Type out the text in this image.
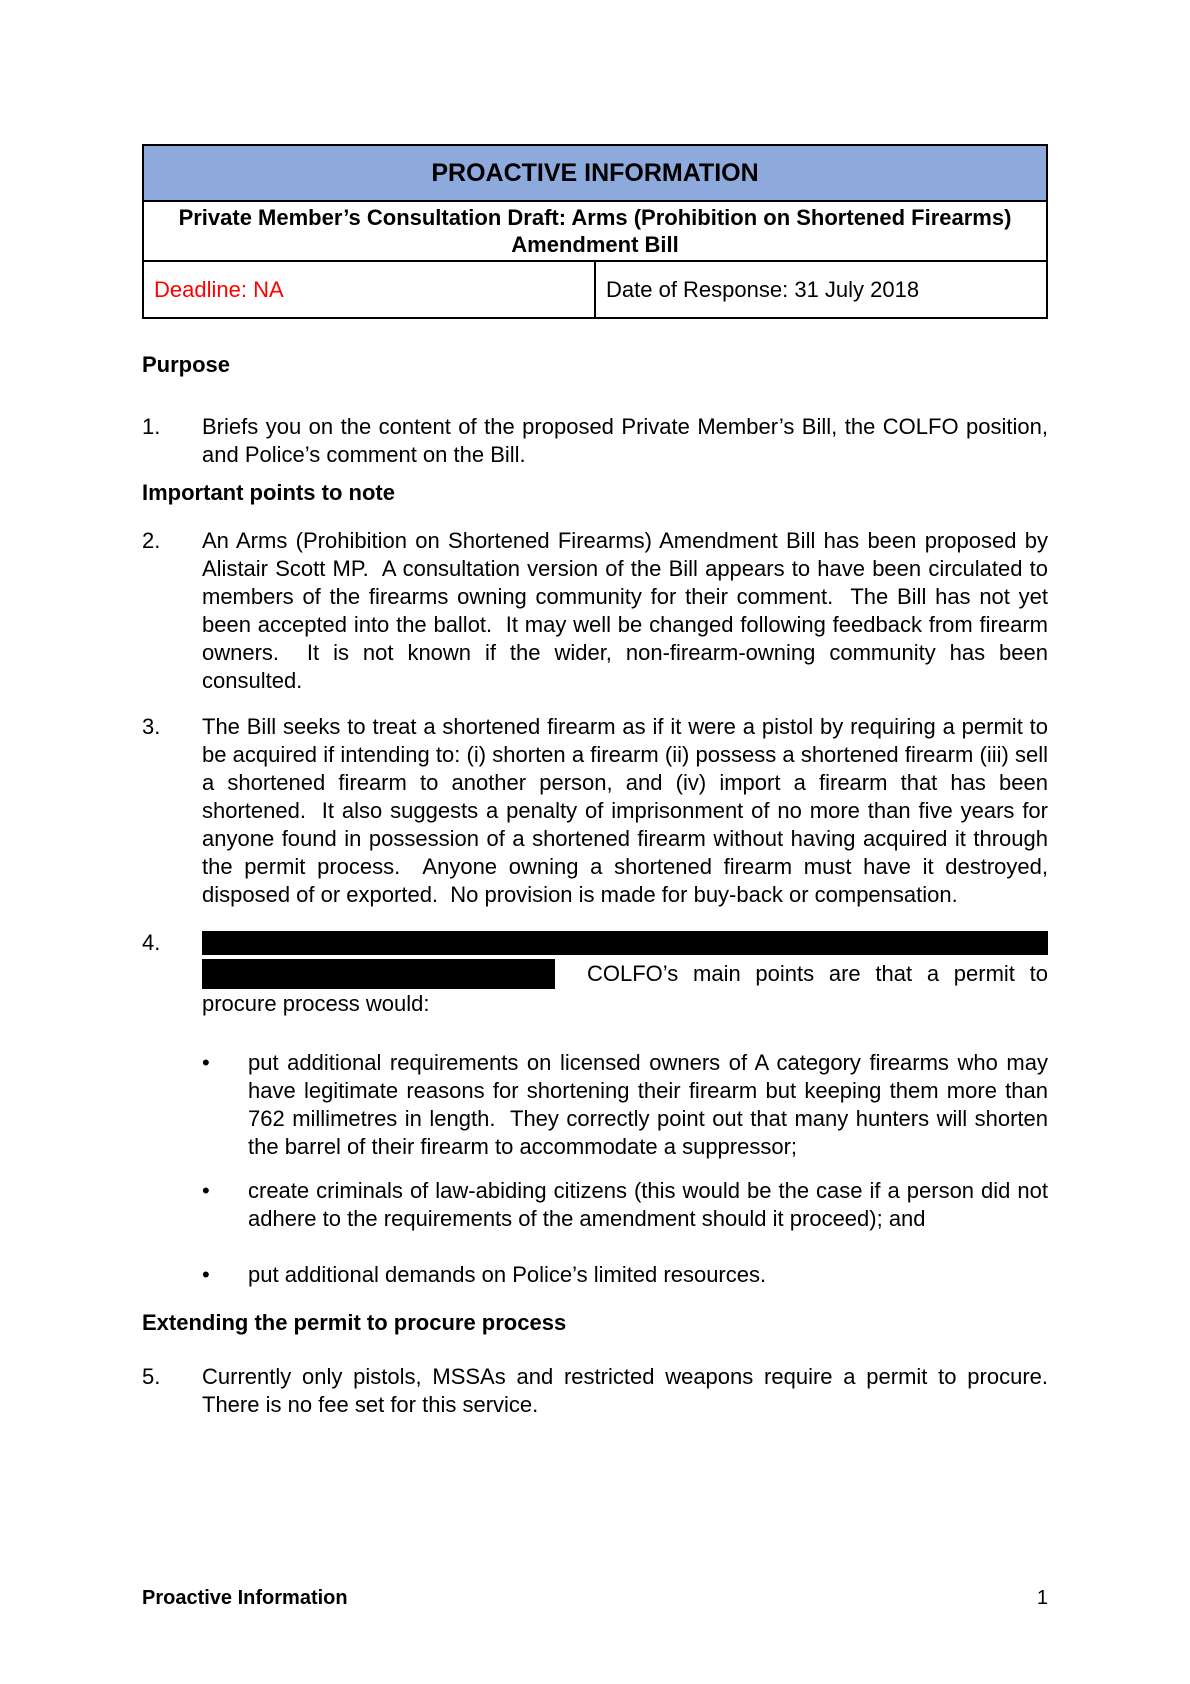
PROACTIVE INFORMATION
Private Member’s Consultation Draft: Arms (Prohibition on Shortened Firearms) Amendment Bill
Deadline: NA	Date of Response: 31 July 2018
Purpose
1.	Briefs you on the content of the proposed Private Member’s Bill, the COLFO position, and Police’s comment on the Bill.
Important points to note
2.	An Arms (Prohibition on Shortened Firearms) Amendment Bill has been proposed by Alistair Scott MP.  A consultation version of the Bill appears to have been circulated to members of the firearms owning community for their comment.  The Bill has not yet been accepted into the ballot.  It may well be changed following feedback from firearm owners.  It is not known if the wider, non-firearm-owning community has been consulted.
3.	The Bill seeks to treat a shortened firearm as if it were a pistol by requiring a permit to be acquired if intending to: (i) shorten a firearm (ii) possess a shortened firearm (iii) sell a shortened firearm to another person, and (iv) import a firearm that has been shortened.  It also suggests a penalty of imprisonment of no more than five years for anyone found in possession of a shortened firearm without having acquired it through the permit process.  Anyone owning a shortened firearm must have it destroyed, disposed of or exported.  No provision is made for buy-back or compensation.
4.
COLFO’s main points are that a permit to
procure process would:
•	put additional requirements on licensed owners of A category firearms who may have legitimate reasons for shortening their firearm but keeping them more than 762 millimetres in length.  They correctly point out that many hunters will shorten the barrel of their firearm to accommodate a suppressor;
•	create criminals of law-abiding citizens (this would be the case if a person did not adhere to the requirements of the amendment should it proceed); and
•	put additional demands on Police’s limited resources.
Extending the permit to procure process
5.	Currently only pistols, MSSAs and restricted weapons require a permit to procure.  There is no fee set for this service.
Proactive Information	1
